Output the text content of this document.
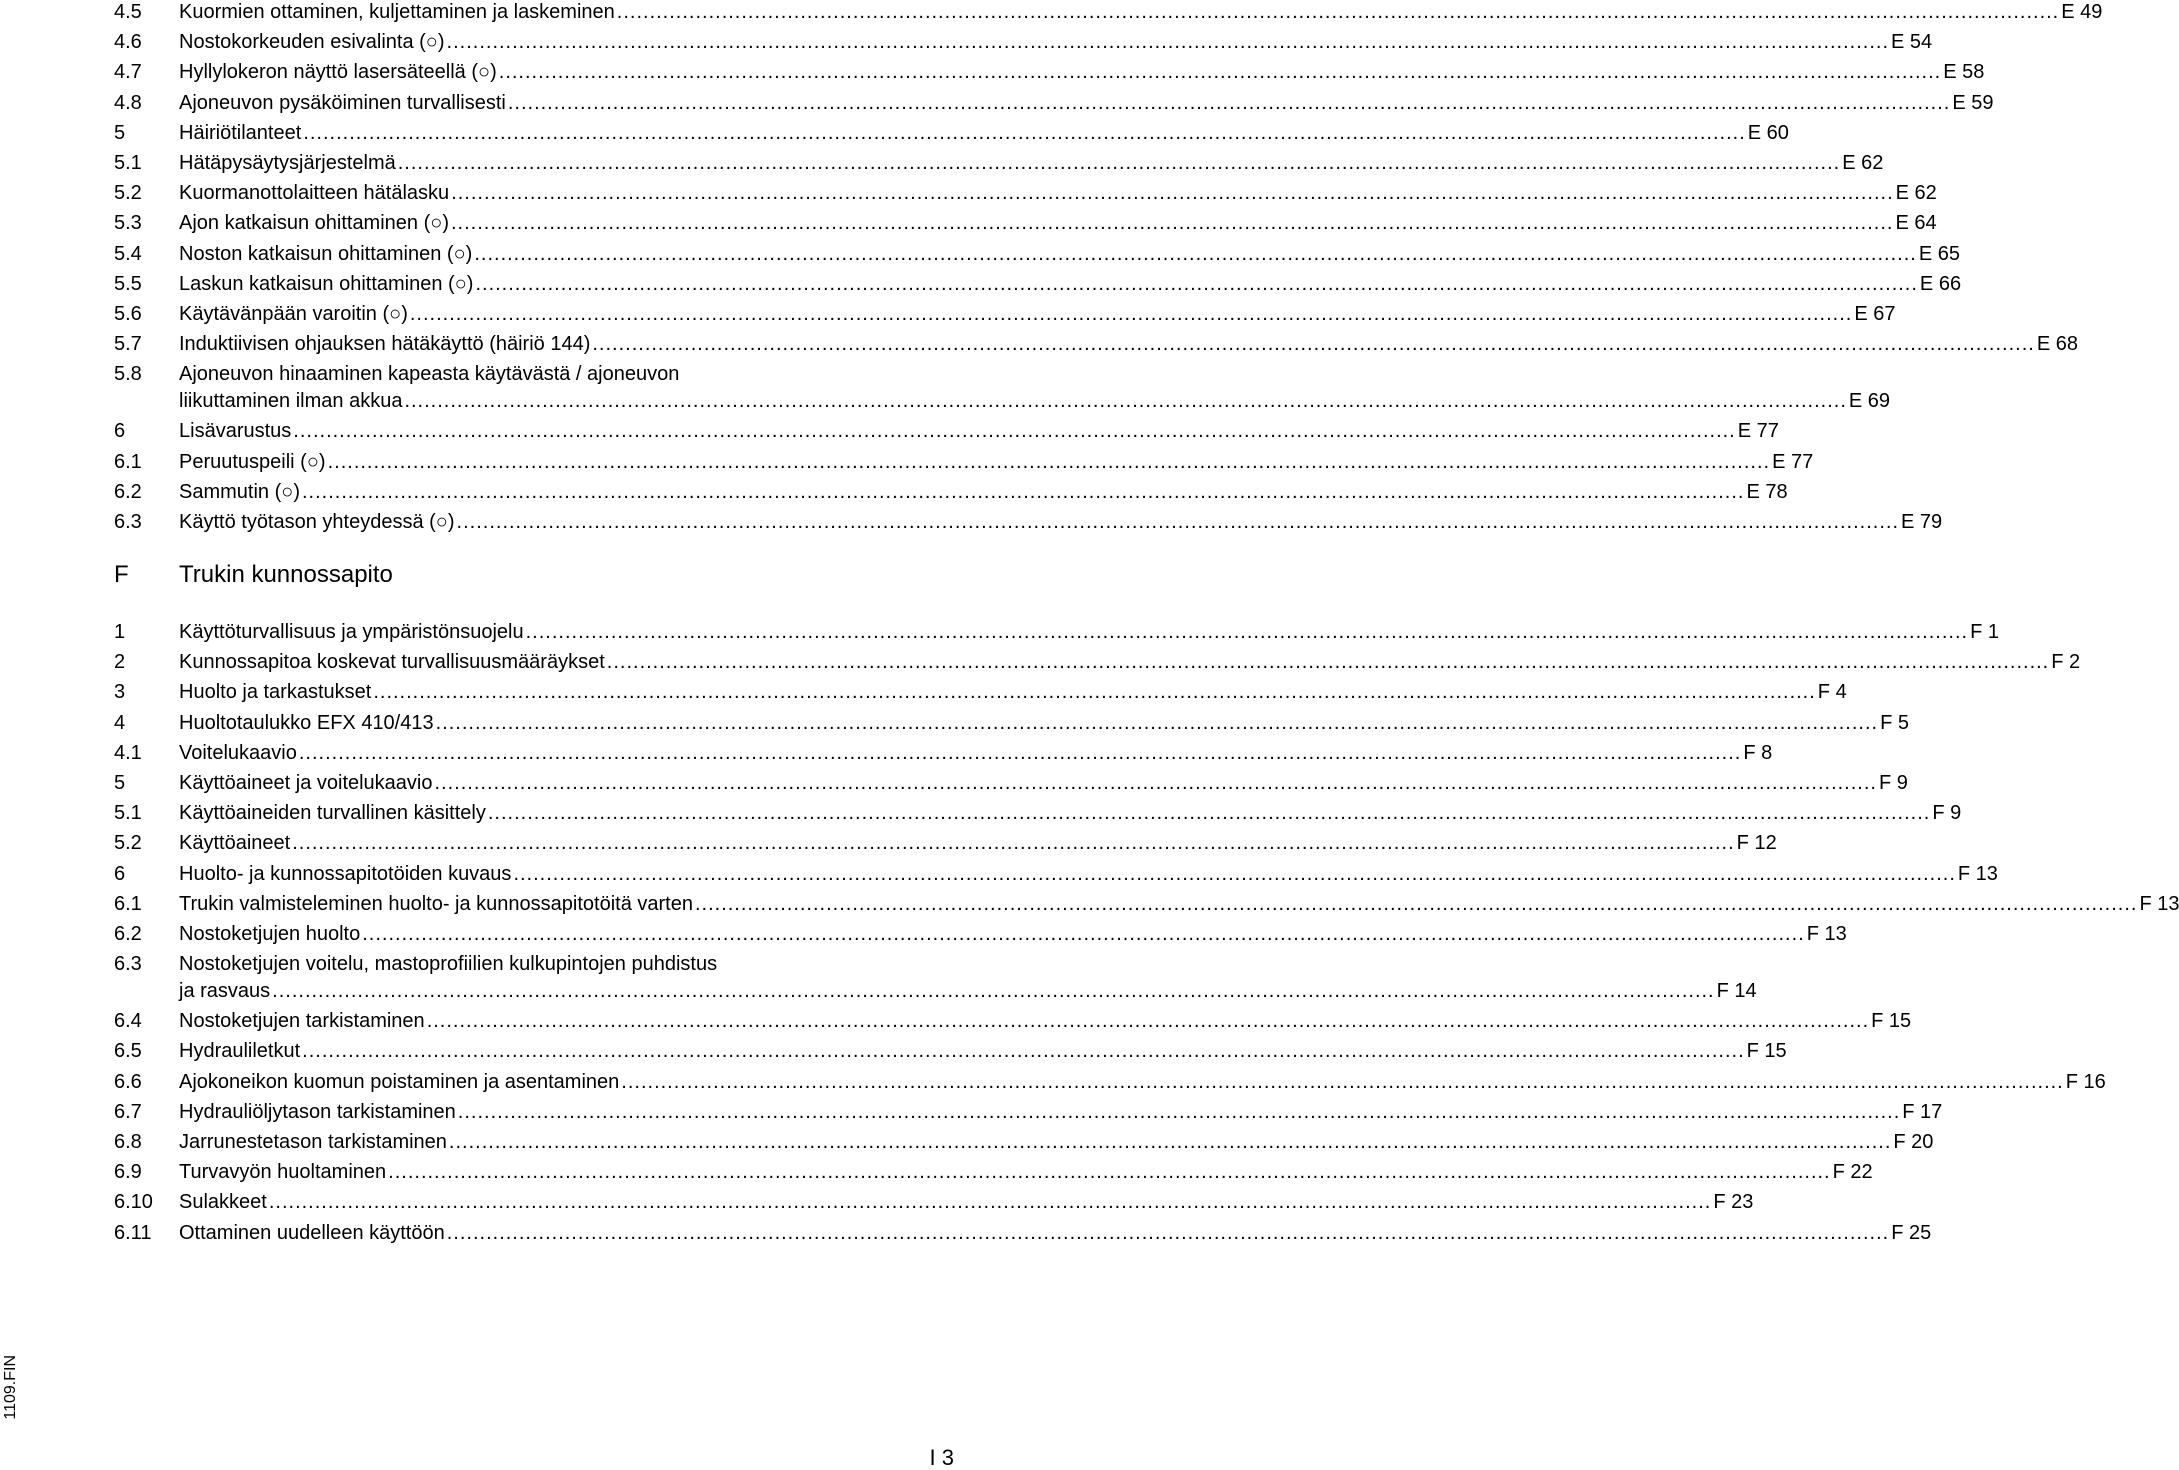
4.5 Kuormien ottaminen, kuljettaminen ja laskeminen ............................................................................................................................................................................................................................ E 49
4.6 Nostokorkeuden esivalinta (○) ............................................................................................................................................................................................................................ E 54
4.7 Hyllylokeron näyttö lasersäteellä (○) ............................................................................................................................................................................................................................ E 58
4.8 Ajoneuvon pysäköiminen turvallisesti ............................................................................................................................................................................................................................ E 59
5	Häiriötilanteet ............................................................................................................................................................................................................................ E 60
5.1 Hätäpysäytysjärjestelmä ............................................................................................................................................................................................................................ E 62
5.2 Kuormanottolaitteen hätälasku ............................................................................................................................................................................................................................ E 62
5.3 Ajon katkaisun ohittaminen (○) ............................................................................................................................................................................................................................ E 64
5.4 Noston katkaisun ohittaminen (○) ............................................................................................................................................................................................................................ E 65
5.5 Laskun katkaisun ohittaminen (○) ............................................................................................................................................................................................................................ E 66
5.6 Käytävänpään varoitin (○) ............................................................................................................................................................................................................................ E 67
5.7 Induktiivisen ohjauksen hätäkäyttö (häiriö 144) ............................................................................................................................................................................................................................ E 68
5.8 Ajoneuvon hinaaminen kapeasta käytävästä / ajoneuvon
liikuttaminen ilman akkua ............................................................................................................................................................................................................................ E 69
6	Lisävarustus ............................................................................................................................................................................................................................ E 77
6.1 Peruutuspeili (○) ............................................................................................................................................................................................................................ E 77
6.2 Sammutin (○) ............................................................................................................................................................................................................................ E 78
6.3 Käyttö työtason yhteydessä (○) ............................................................................................................................................................................................................................ E 79
F Trukin kunnossapito
1	Käyttöturvallisuus ja ympäristönsuojelu ............................................................................................................................................................................................................................ F 1
2	Kunnossapitoa koskevat turvallisuusmääräykset ............................................................................................................................................................................................................................ F 2
3	Huolto ja tarkastukset ............................................................................................................................................................................................................................ F 4
4	Huoltotaulukko EFX 410/413 ............................................................................................................................................................................................................................ F 5
4.1 Voitelukaavio ............................................................................................................................................................................................................................ F 8
5	Käyttöaineet ja voitelukaavio ............................................................................................................................................................................................................................ F 9
5.1 Käyttöaineiden turvallinen käsittely ............................................................................................................................................................................................................................ F 9
5.2 Käyttöaineet ............................................................................................................................................................................................................................ F 12
6	Huolto- ja kunnossapitotöiden kuvaus ............................................................................................................................................................................................................................ F 13
6.1 Trukin valmisteleminen huolto- ja kunnossapitotöitä varten ............................................................................................................................................................................................................................ F 13
6.2 Nostoketjujen huolto ............................................................................................................................................................................................................................ F 13
6.3 Nostoketjujen voitelu, mastoprofiilien kulkupintojen puhdistus
ja rasvaus ............................................................................................................................................................................................................................ F 14
6.4 Nostoketjujen tarkistaminen ............................................................................................................................................................................................................................ F 15
6.5 Hydrauliletkut ............................................................................................................................................................................................................................ F 15
6.6 Ajokoneikon kuomun poistaminen ja asentaminen ............................................................................................................................................................................................................................ F 16
6.7 Hydrauliöljytason tarkistaminen ............................................................................................................................................................................................................................ F 17
6.8 Jarrunestetason tarkistaminen ............................................................................................................................................................................................................................ F 20
6.9 Turvavyön huoltaminen ............................................................................................................................................................................................................................ F 22
6.10 Sulakkeet ............................................................................................................................................................................................................................ F 23
6.11 Ottaminen uudelleen käyttöön ............................................................................................................................................................................................................................ F 25
1109.FIN
I 3
